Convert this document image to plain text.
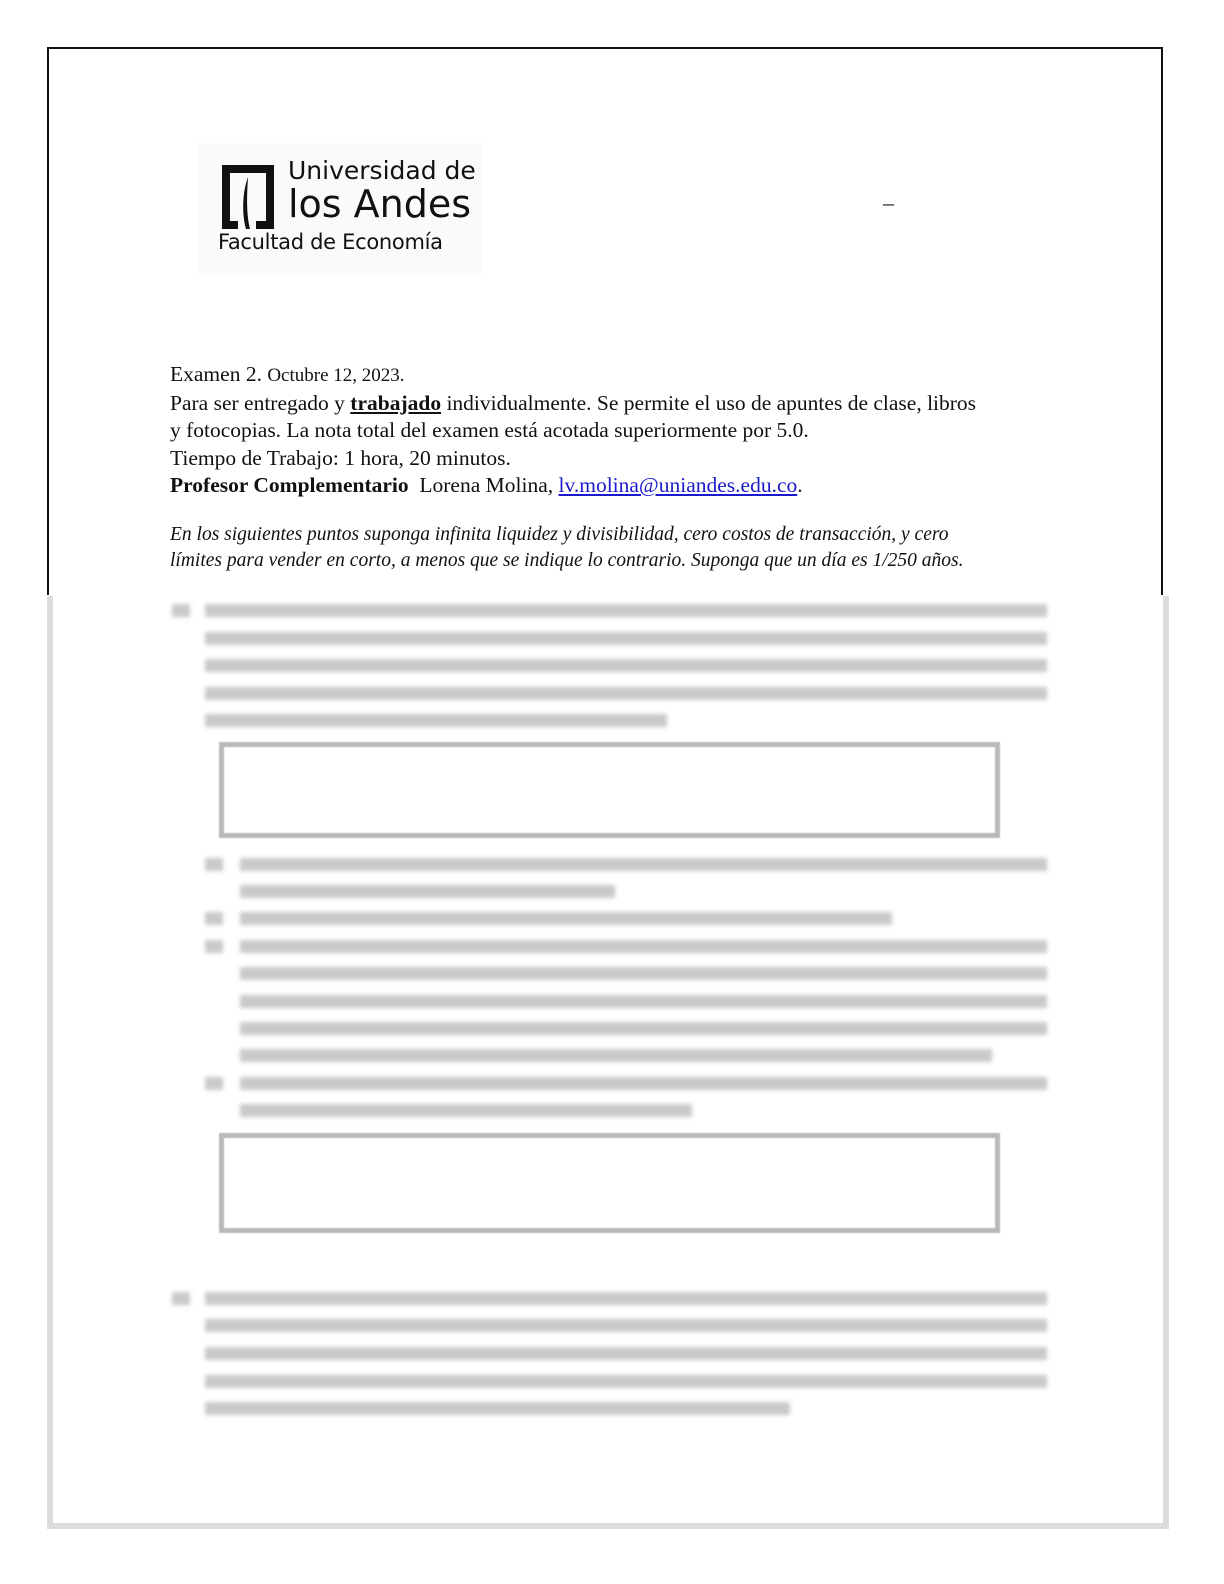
Universidad de
los Andes
Facultad de Economía
–
Examen 2. Octubre 12, 2023.
Para ser entregado y trabajado individualmente. Se permite el uso de apuntes de clase, libros
y fotocopias. La nota total del examen está acotada superiormente por 5.0.
Tiempo de Trabajo: 1 hora, 20 minutos.
Profesor Complementario Lorena Molina, lv.molina@uniandes.edu.co.
En los siguientes puntos suponga infinita liquidez y divisibilidad, cero costos de transacción, y cero
límites para vender en corto, a menos que se indique lo contrario. Suponga que un día es 1/250 años.
